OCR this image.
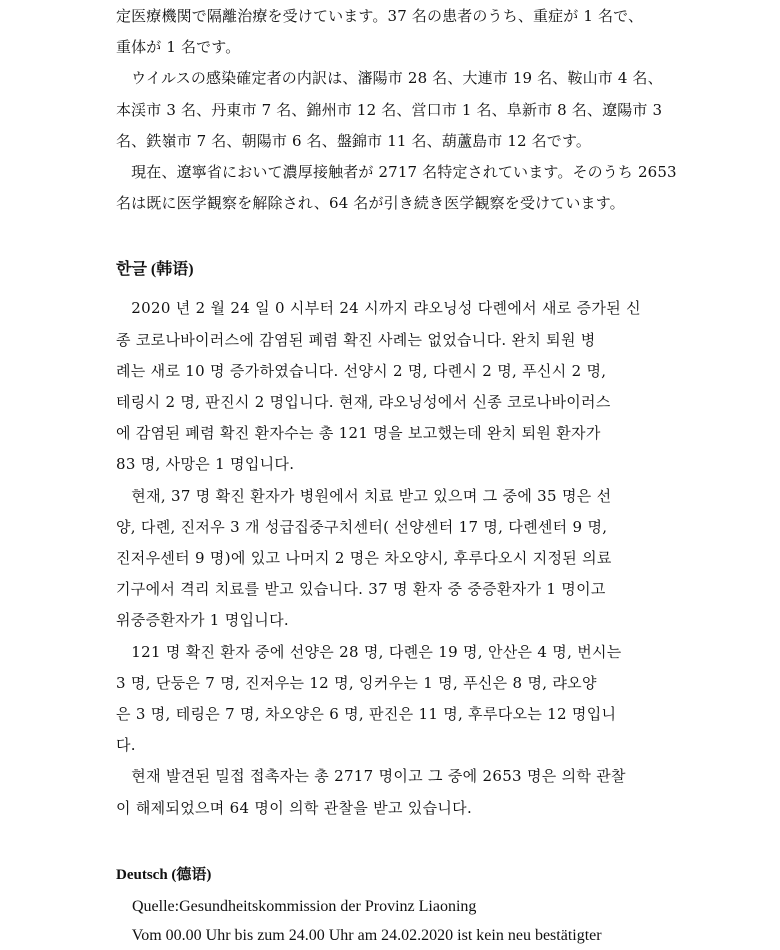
定医療機関で隔離治療を受けています。37 名の患者のうち、重症が 1 名で、
重体が 1 名です。

　ウイルスの感染確定者の内訳は、瀋陽市 28 名、大連市 19 名、鞍山市 4 名、
本渓市 3 名、丹東市 7 名、錦州市 12 名、営口市 1 名、阜新市 8 名、遼陽市 3
名、鉄嶺市 7 名、朝陽市 6 名、盤錦市 11 名、葫蘆島市 12 名です。

　現在、遼寧省において濃厚接触者が 2717 名特定されています。そのうち 2653
名は既に医学観察を解除され、64 名が引き続き医学観察を受けています。

한글 (韩语)

　2020 년 2 월 24 일 0 시부터 24 시까지 랴오닝성 다롄에서 새로 증가된 신
종 코로나바이러스에 감염된 폐렴 확진 사례는 없었습니다. 완치 퇴원 병
례는 새로 10 명 증가하였습니다. 선양시 2 명, 다롄시 2 명, 푸신시 2 명,
테링시 2 명, 판진시 2 명입니다. 현재, 랴오닝성에서 신종 코로나바이러스
에 감염된 폐렴 확진 환자수는 총 121 명을 보고했는데 완치 퇴원 환자가
83 명, 사망은 1 명입니다.

　현재, 37 명 확진 환자가 병원에서 치료 받고 있으며 그 중에 35 명은 선
양, 다롄, 진저우 3 개 성급집중구치센터( 선양센터 17 명, 다롄센터 9 명,
진저우센터 9 명)에 있고 나머지 2 명은 차오양시, 후루다오시 지정된 의료
기구에서 격리 치료를 받고 있습니다. 37 명 환자 중 중증환자가 1 명이고
위중증환자가 1 명입니다.

　121 명 확진 환자 중에 선양은 28 명, 다롄은 19 명, 안산은 4 명, 번시는
3 명, 단둥은 7 명, 진저우는 12 명, 잉커우는 1 명, 푸신은 8 명, 랴오양
은 3 명, 테링은 7 명, 차오양은 6 명, 판진은 11 명, 후루다오는 12 명입니
다.

　현재 발견된 밀접 접촉자는 총 2717 명이고 그 중에 2653 명은 의학 관찰
이 해제되었으며 64 명이 의학 관찰을 받고 있습니다.

Deutsch (德语)
Quelle:Gesundheitskommission der Provinz Liaoning
Vom 00.00 Uhr bis zum 24.00 Uhr am 24.02.2020 ist kein neu bestätigter
